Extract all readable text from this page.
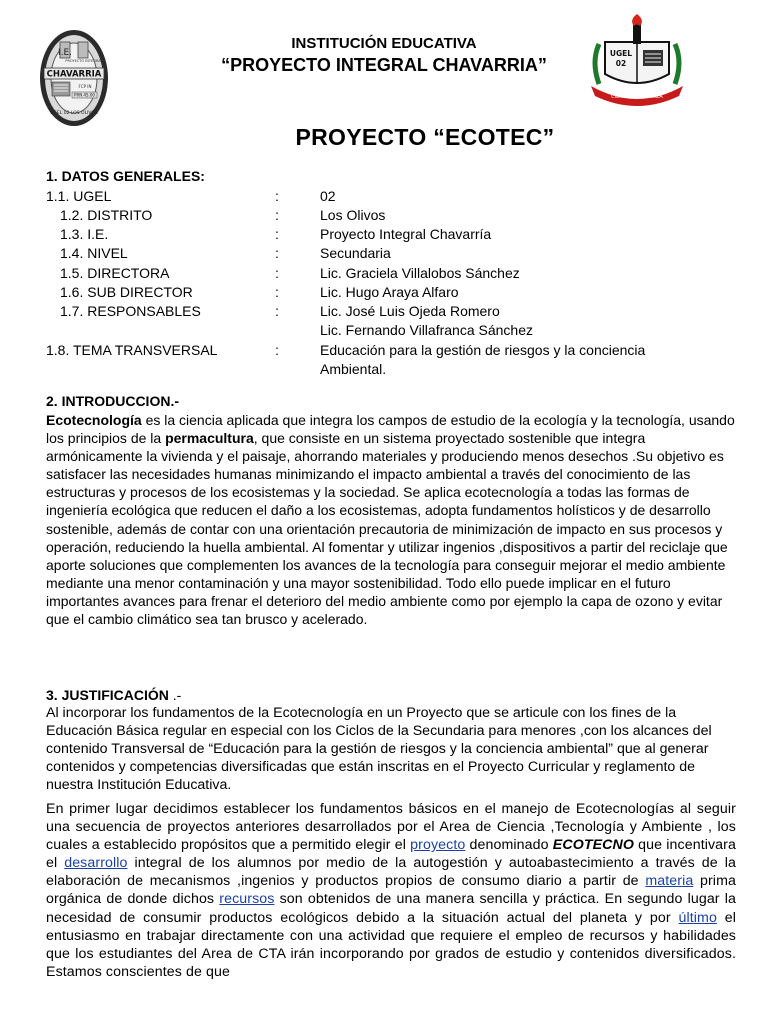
I.E.
PROYECTO INTEGRAL
CHAVARRIA
FCP IN
PRN 45.00
UGEL 02 LOS OLIVOS
INSTITUCIÓN EDUCATIVA
“PROYECTO INTEGRAL CHAVARRIA”
CIENCIA ESPERANZA
UGEL
02
PROYECTO “ECOTEC”
1. DATOS GENERALES:
1.1. UGEL	:	02
1.2. DISTRITO	:	Los Olivos
1.3. I.E.	:	Proyecto Integral Chavarría
1.4. NIVEL	:	Secundaria
1.5. DIRECTORA	:	Lic. Graciela Villalobos Sánchez
1.6. SUB DIRECTOR	:	Lic. Hugo Araya Alfaro
1.7. RESPONSABLES	:	Lic. José Luis Ojeda Romero
Lic. Fernando Villafranca Sánchez
1.8. TEMA TRANSVERSAL	:	Educación para la gestión de riesgos y la conciencia
Ambiental.
2. INTRODUCCION.-
Ecotecnología es la ciencia aplicada que integra los campos de estudio de la ecología y la tecnología, usando los principios de la permacultura, que consiste en un sistema proyectado sostenible que integra armónicamente la vivienda y el paisaje, ahorrando materiales y produciendo menos desechos .Su objetivo es satisfacer las necesidades humanas minimizando el impacto ambiental a través del conocimiento de las estructuras y procesos de los ecosistemas y la sociedad. Se aplica ecotecnología a todas las formas de ingeniería ecológica que reducen el daño a los ecosistemas, adopta fundamentos holísticos y de desarrollo sostenible, además de contar con una orientación precautoria de minimización de impacto en sus procesos y operación, reduciendo la huella ambiental. Al fomentar y utilizar ingenios ,dispositivos a partir del reciclaje que aporte soluciones que complementen los avances de la tecnología para conseguir mejorar el medio ambiente mediante una menor contaminación y una mayor sostenibilidad. Todo ello puede implicar en el futuro importantes avances para frenar el deterioro del medio ambiente como por ejemplo la capa de ozono y evitar que el cambio climático sea tan brusco y acelerado.
3. JUSTIFICACIÓN .-
Al incorporar los fundamentos de la Ecotecnología en un Proyecto que se articule con los fines de la Educación Básica regular en especial con los Ciclos de la Secundaria para menores ,con los alcances del contenido Transversal de “Educación para la gestión de riesgos y la conciencia ambiental” que al generar contenidos y competencias diversificadas que están inscritas en el Proyecto Curricular y reglamento de nuestra Institución Educativa.
En primer lugar decidimos establecer los fundamentos básicos en el manejo de Ecotecnologías al seguir una secuencia de proyectos anteriores desarrollados por el Area de Ciencia ,Tecnología y Ambiente , los cuales a establecido propósitos que a permitido elegir el proyecto denominado ECOTECNO que incentivara el desarrollo integral de los alumnos por medio de la autogestión y autoabastecimiento a través de la elaboración de mecanismos ,ingenios y productos propios de consumo diario a partir de materia prima orgánica de donde dichos recursos son obtenidos de una manera sencilla y práctica. En segundo lugar la necesidad de consumir productos ecológicos debido a la situación actual del planeta y por último el entusiasmo en trabajar directamente con una actividad que requiere el empleo de recursos y habilidades que los estudiantes del Area de CTA irán incorporando por grados de estudio y contenidos diversificados. Estamos conscientes de que
